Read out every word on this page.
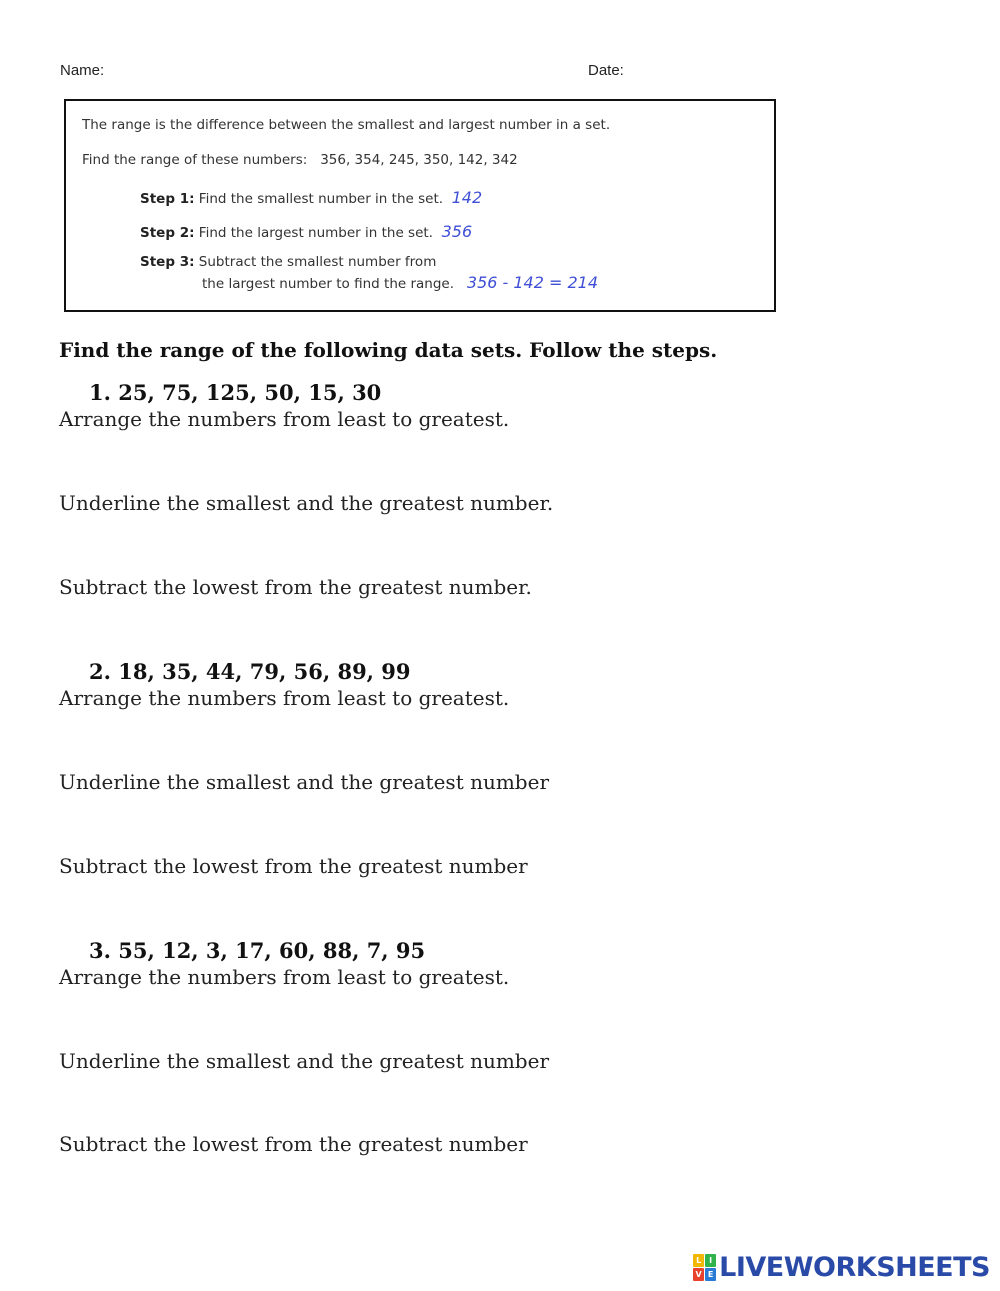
Name:	Date:
The range is the difference between the smallest and largest number in a set.
Find the range of these numbers: 356, 354, 245, 350, 142, 342
Step 1: Find the smallest number in the set. 142
Step 2: Find the largest number in the set. 356
Step 3: Subtract the smallest number from
the largest number to find the range. 356 - 142 = 214
Find the range of the following data sets. Follow the steps.
1. 25, 75, 125, 50, 15, 30
Arrange the numbers from least to greatest.
Underline the smallest and the greatest number.
Subtract the lowest from the greatest number.
2. 18, 35, 44, 79, 56, 89, 99
Arrange the numbers from least to greatest.
Underline the smallest and the greatest number
Subtract the lowest from the greatest number
3. 55, 12, 3, 17, 60, 88, 7, 95
Arrange the numbers from least to greatest.
Underline the smallest and the greatest number
Subtract the lowest from the greatest number
L I
V E LIVEWORKSHEETS
